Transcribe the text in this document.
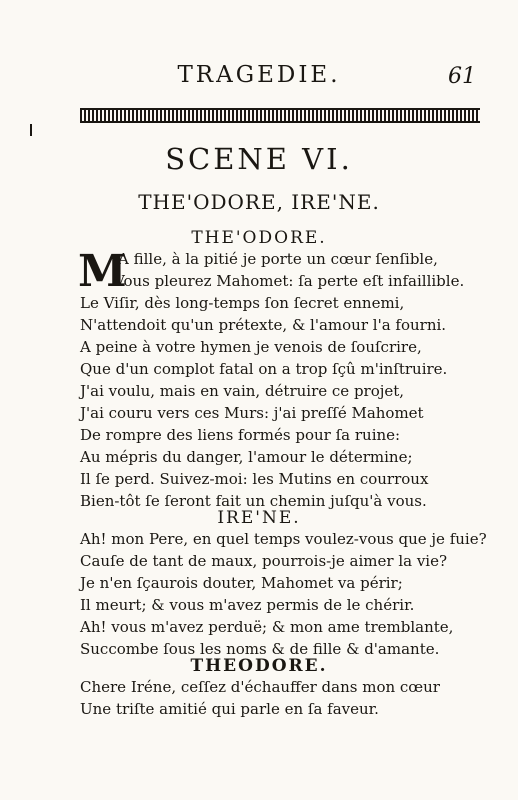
TRAGEDIE.	61
SCENE VI.
THE'ODORE, IRE'NE.
THE'ODORE.
M
A fille, à la pitié je porte un cœur ſenſible,
Vous pleurez Mahomet: ſa perte eſt infaillible.
Le Viſir, dès long-temps ſon ſecret ennemi,
N'attendoit qu'un prétexte, & l'amour l'a fourni.
A peine à votre hymen je venois de ſouſcrire,
Que d'un complot fatal on a trop ſçû m'inſtruire.
J'ai voulu, mais en vain, détruire ce projet,
J'ai couru vers ces Murs: j'ai preſſé Mahomet
De rompre des liens formés pour ſa ruine:
Au mépris du danger, l'amour le détermine;
Il ſe perd. Suivez-moi: les Mutins en courroux
Bien-tôt ſe ſeront fait un chemin juſqu'à vous.
IRE'NE.
Ah! mon Pere, en quel temps voulez-vous que je fuie?
Cauſe de tant de maux, pourrois-je aimer la vie?
Je n'en ſçaurois douter, Mahomet va périr;
Il meurt; & vous m'avez permis de le chérir.
Ah! vous m'avez perduë; & mon ame tremblante,
Succombe ſous les noms & de fille & d'amante.
THEODORE.
Chere Iréne, ceſſez d'échauffer dans mon cœur
Une triſte amitié qui parle en ſa faveur.
